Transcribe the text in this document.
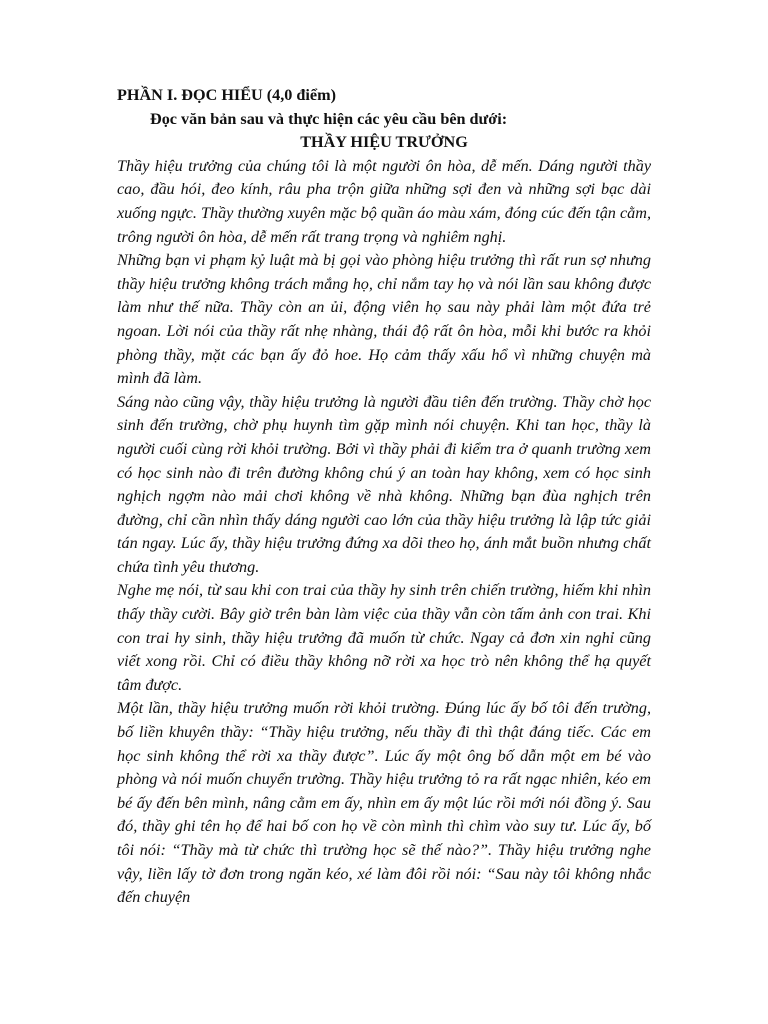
PHẦN I. ĐỌC HIỂU (4,0 điểm)

Đọc văn bản sau và thực hiện các yêu cầu bên dưới:

THẦY HIỆU TRƯỞNG

Thầy hiệu trưởng của chúng tôi là một người ôn hòa, dễ mến. Dáng người thầy cao, đầu hói, đeo kính, râu pha trộn giữa những sợi đen và những sợi bạc dài xuống ngực. Thầy thường xuyên mặc bộ quần áo màu xám, đóng cúc đến tận cằm, trông người ôn hòa, dễ mến rất trang trọng và nghiêm nghị.

Những bạn vi phạm kỷ luật mà bị gọi vào phòng hiệu trưởng thì rất run sợ nhưng thầy hiệu trưởng không trách mắng họ, chỉ nắm tay họ và nói lần sau không được làm như thế nữa. Thầy còn an ủi, động viên họ sau này phải làm một đứa trẻ ngoan. Lời nói của thầy rất nhẹ nhàng, thái độ rất ôn hòa, mỗi khi bước ra khỏi phòng thầy, mặt các bạn ấy đỏ hoe. Họ cảm thấy xấu hổ vì những chuyện mà mình đã làm.

Sáng nào cũng vậy, thầy hiệu trưởng là người đầu tiên đến trường. Thầy chờ học sinh đến trường, chờ phụ huynh tìm gặp mình nói chuyện. Khi tan học, thầy là người cuối cùng rời khỏi trường. Bởi vì thầy phải đi kiểm tra ở quanh trường xem có học sinh nào đi trên đường không chú ý an toàn hay không, xem có học sinh nghịch ngợm nào mải chơi không về nhà không. Những bạn đùa nghịch trên đường, chỉ cần nhìn thấy dáng người cao lớn của thầy hiệu trưởng là lập tức giải tán ngay. Lúc ấy, thầy hiệu trưởng đứng xa dõi theo họ, ánh mắt buồn nhưng chất chứa tình yêu thương.

Nghe mẹ nói, từ sau khi con trai của thầy hy sinh trên chiến trường, hiếm khi nhìn thấy thầy cười. Bây giờ trên bàn làm việc của thầy vẫn còn tấm ảnh con trai. Khi con trai hy sinh, thầy hiệu trưởng đã muốn từ chức. Ngay cả đơn xin nghỉ cũng viết xong rồi. Chỉ có điều thầy không nỡ rời xa học trò nên không thể hạ quyết tâm được.

Một lần, thầy hiệu trưởng muốn rời khỏi trường. Đúng lúc ấy bố tôi đến trường, bố liền khuyên thầy: “Thầy hiệu trưởng, nếu thầy đi thì thật đáng tiếc. Các em học sinh không thể rời xa thầy được”. Lúc ấy một ông bố dẫn một em bé vào phòng và nói muốn chuyển trường. Thầy hiệu trưởng tỏ ra rất ngạc nhiên, kéo em bé ấy đến bên mình, nâng cằm em ấy, nhìn em ấy một lúc rồi mới nói đồng ý. Sau đó, thầy ghi tên họ để hai bố con họ về còn mình thì chìm vào suy tư. Lúc ấy, bố tôi nói: “Thầy mà từ chức thì trường học sẽ thế nào?”. Thầy hiệu trưởng nghe vậy, liền lấy tờ đơn trong ngăn kéo, xé làm đôi rồi nói: “Sau này tôi không nhắc đến chuyện
